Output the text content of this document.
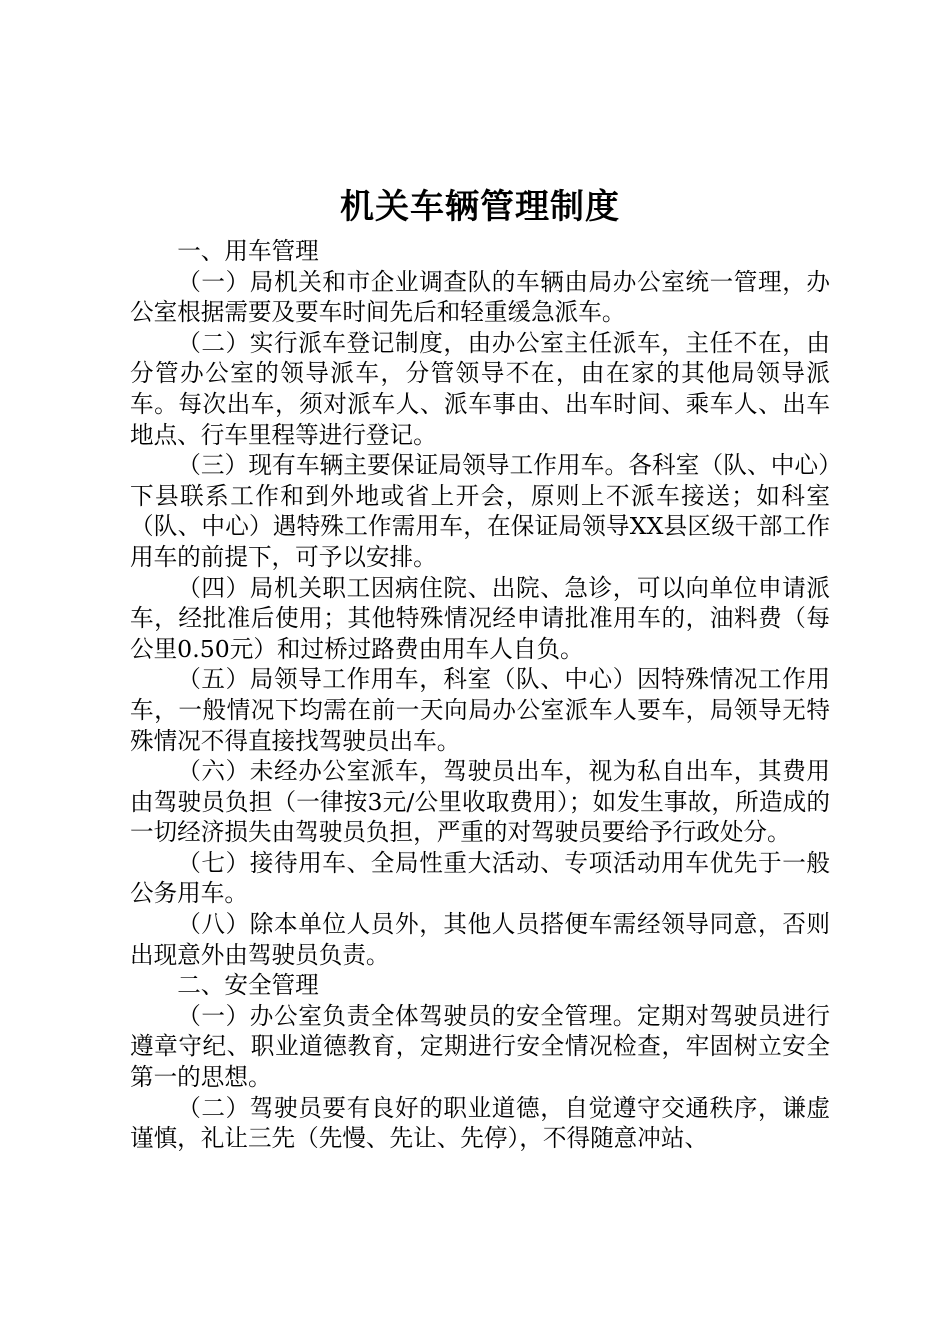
机关车辆管理制度

一、用车管理

（一）局机关和市企业调查队的车辆由局办公室统一管理，办公室根据需要及要车时间先后和轻重缓急派车。

（二）实行派车登记制度，由办公室主任派车，主任不在，由分管办公室的领导派车，分管领导不在，由在家的其他局领导派车。每次出车，须对派车人、派车事由、出车时间、乘车人、出车地点、行车里程等进行登记。

（三）现有车辆主要保证局领导工作用车。各科室（队、中心）下县联系工作和到外地或省上开会，原则上不派车接送；如科室（队、中心）遇特殊工作需用车，在保证局领导XX县区级干部工作用车的前提下，可予以安排。

（四）局机关职工因病住院、出院、急诊，可以向单位申请派车，经批准后使用；其他特殊情况经申请批准用车的，油料费（每公里0.50元）和过桥过路费由用车人自负。

（五）局领导工作用车，科室（队、中心）因特殊情况工作用车，一般情况下均需在前一天向局办公室派车人要车，局领导无特殊情况不得直接找驾驶员出车。

（六）未经办公室派车，驾驶员出车，视为私自出车，其费用由驾驶员负担（一律按3元/公里收取费用）；如发生事故，所造成的一切经济损失由驾驶员负担，严重的对驾驶员要给予行政处分。

（七）接待用车、全局性重大活动、专项活动用车优先于一般公务用车。

（八）除本单位人员外，其他人员搭便车需经领导同意，否则出现意外由驾驶员负责。

二、安全管理

（一）办公室负责全体驾驶员的安全管理。定期对驾驶员进行遵章守纪、职业道德教育，定期进行安全情况检查，牢固树立安全第一的思想。

（二）驾驶员要有良好的职业道德，自觉遵守交通秩序，谦虚谨慎，礼让三先（先慢、先让、先停），不得随意冲站、
